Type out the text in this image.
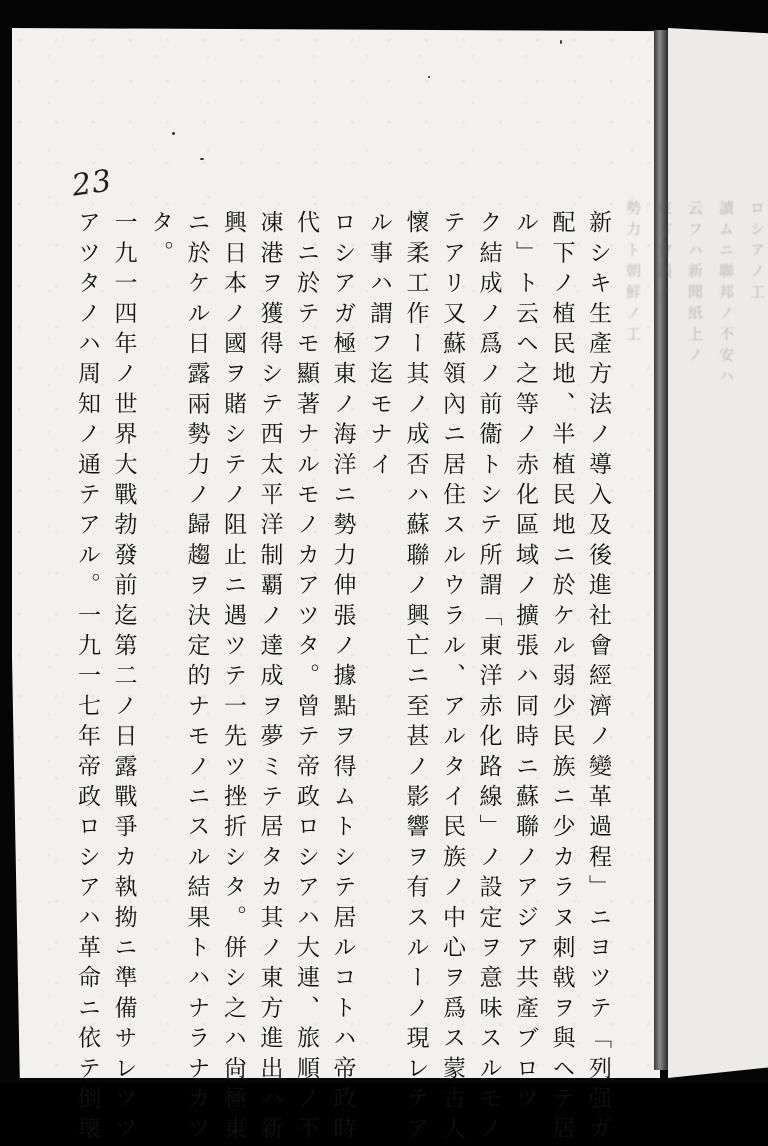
ロシアノ工
讀ムニ聯邦ノ不安ハ
云フハ新聞紙上ノ
東方會議ノ
勢力ト朝鮮ノ工
23
新シキ生產方法ノ導入及後進社會經濟ノ變革過程」ニヨツテ「列强ガ
配下ノ植民地、半植民地ニ於ケル弱少民族ニ少カラヌ刺戟ヲ與ヘテ居
ル」ト云ヘ之等ノ赤化區域ノ擴張ハ同時ニ蘇聯ノアジア共產ブロツ
ク結成ノ爲ノ前衞トシテ所謂「東洋赤化路線」ノ設定ヲ意味スルモノ
テアリ又蘇領內ニ居住スルウラル、アルタイ民族ノ中心ヲ爲ス蒙古人
懷柔工作ー其ノ成否ハ蘇聯ノ興亡ニ至甚ノ影響ヲ有スルーノ現レテア
ル事ハ謂フ迄モナイ
ロシアガ極東ノ海洋ニ勢力伸張ノ據點ヲ得ムトシテ居ルコトハ帝政時
代ニ於テモ顯著ナルモノカアツタ。曾テ帝政ロシアハ大連、旅順ノ不
凍港ヲ獲得シテ西太平洋制覇ノ達成ヲ夢ミテ居タカ其ノ東方進出ハ新
興日本ノ國ヲ賭シテノ阻止ニ遇ツテ一先ツ挫折シタ。併シ之ハ尙極東
ニ於ケル日露兩勢力ノ歸趨ヲ決定的ナモノニスル結果トハナラナカツ
タ。
一九一四年ノ世界大戰勃發前迄第二ノ日露戰爭カ執拗ニ準備サレツツ
アツタノハ周知ノ通テアル。一九一七年帝政ロシアハ革命ニ依テ倒壞
